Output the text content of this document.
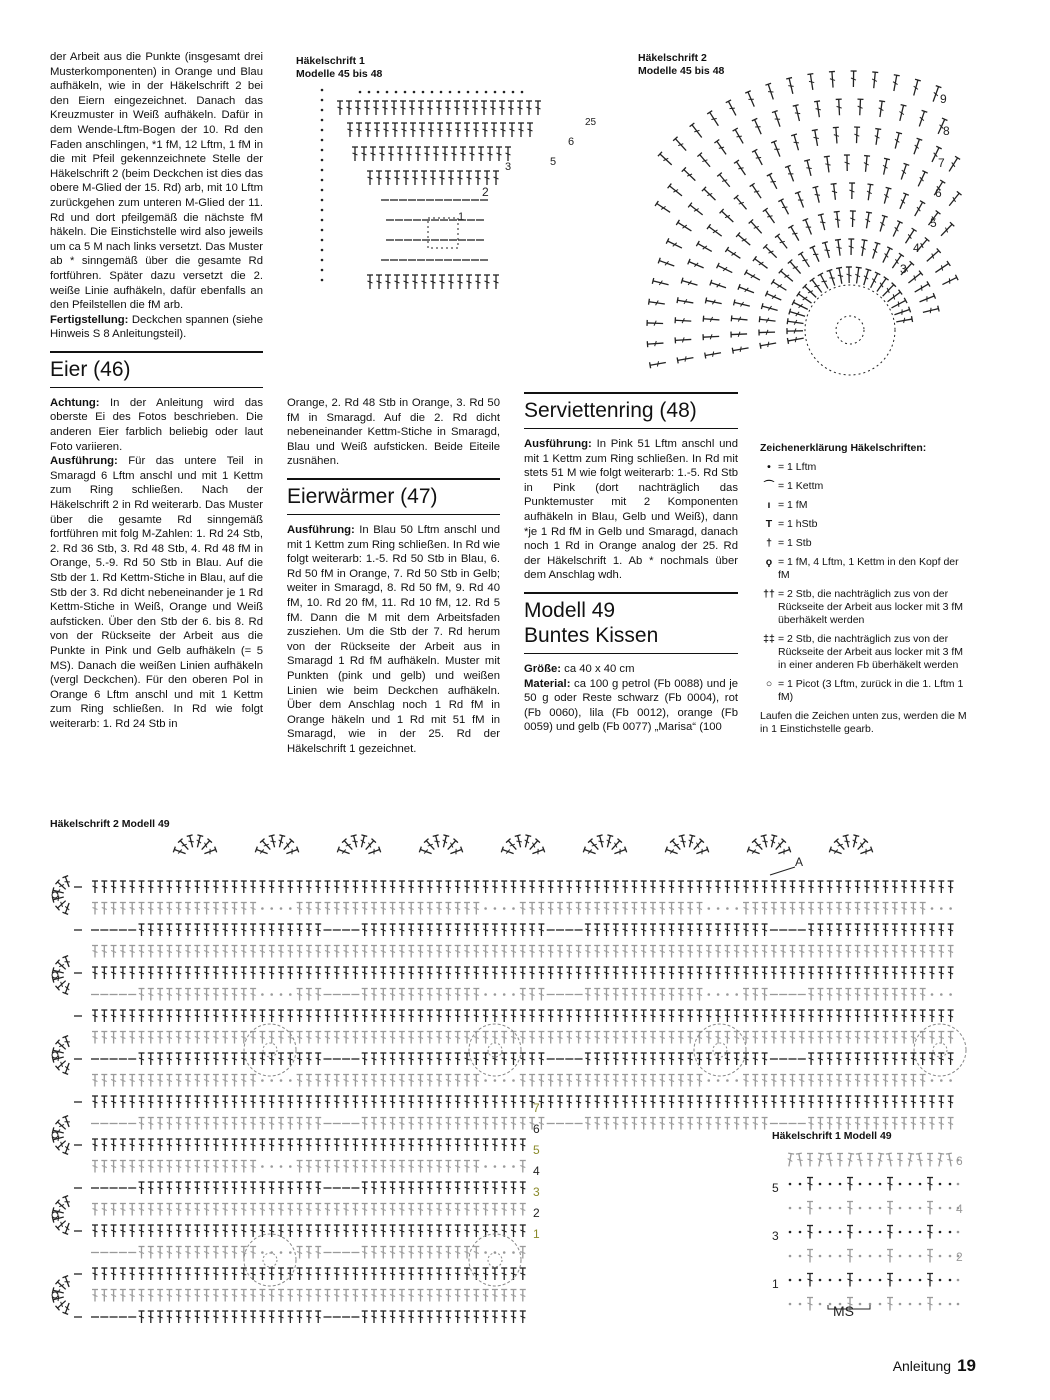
der Arbeit aus die Punkte (insgesamt drei Musterkomponenten) in Orange und Blau aufhäkeln, wie in der Häkelschrift 2 bei den Eiern eingezeichnet. Danach das Kreuzmuster in Weiß aufhäkeln. Dafür in dem Wende-Lftm-Bogen der 10. Rd den Faden anschlingen, *1 fM, 12 Lftm, 1 fM in die mit Pfeil gekennzeichnete Stelle der Häkelschrift 2 (beim Deckchen ist dies das obere M-Glied der 15. Rd) arb, mit 10 Lftm zurückgehen zum unteren M-Glied der 11. Rd und dort pfeilgemäß die nächste fM häkeln. Die Einstichstelle wird also jeweils um ca 5 M nach links versetzt. Das Muster ab * sinngemäß über die gesamte Rd fortführen. Später dazu versetzt die 2. weiße Linie aufhäkeln, dafür ebenfalls an den Pfeilstellen die fM arb.

Fertigstellung: Deckchen spannen (siehe Hinweis S 8 Anleitungsteil).

Eier (46)

Achtung: In der Anleitung wird das oberste Ei des Fotos beschrieben. Die anderen Eier farblich beliebig oder laut Foto variieren.

Ausführung: Für das untere Teil in Smaragd 6 Lftm anschl und mit 1 Kettm zum Ring schließen. Nach der Häkelschrift 2 in Rd weiterarb. Das Muster über die gesamte Rd sinngemäß fortführen mit folg M-Zahlen: 1. Rd 24 Stb, 2. Rd 36 Stb, 3. Rd 48 Stb, 4. Rd 48 fM in Orange, 5.-9. Rd 50 Stb in Blau. Auf die Stb der 1. Rd Kettm-Stiche in Blau, auf die Stb der 3. Rd dicht nebeneinander je 1 Rd Kettm-Stiche in Weiß, Orange und Weiß aufsticken. Über den Stb der 6. bis 8. Rd von der Rückseite der Arbeit aus die Punkte in Pink und Gelb aufhäkeln (= 5 MS). Danach die weißen Linien aufhäkeln (vergl Deckchen). Für den oberen Pol in Orange 6 Lftm anschl und mit 1 Kettm zum Ring schließen. In Rd wie folgt weiterarb: 1. Rd 24 Stb in

Orange, 2. Rd 48 Stb in Orange, 3. Rd 50 fM in Smaragd. Auf die 2. Rd dicht nebeneinander Kettm-Stiche in Smaragd, Blau und Weiß aufsticken. Beide Eiteile zusnähen.

Eierwärmer (47)

Ausführung: In Blau 50 Lftm anschl und mit 1 Kettm zum Ring schließen. In Rd wie folgt weiterarb: 1.-5. Rd 50 Stb in Blau, 6. Rd 50 fM in Orange, 7. Rd 50 Stb in Gelb; weiter in Smaragd, 8. Rd 50 fM, 9. Rd 40 fM, 10. Rd 20 fM, 11. Rd 10 fM, 12. Rd 5 fM. Dann die M mit dem Arbeitsfaden zusziehen. Um die Stb der 7. Rd herum von der Rückseite der Arbeit aus in Smaragd 1 Rd fM aufhäkeln. Muster mit Punkten (pink und gelb) und weißen Linien wie beim Deckchen aufhäkeln. Über dem Anschlag noch 1 Rd fM in Orange häkeln und 1 Rd mit 51 fM in Smaragd, wie in der 25. Rd der Häkelschrift 1 gezeichnet.

Serviettenring (48)

Ausführung: In Pink 51 Lftm anschl und mit 1 Kettm zum Ring schließen. In Rd mit stets 51 M wie folgt weiterarb: 1.-5. Rd Stb in Pink (dort nachträglich das Punktemuster mit 2 Komponenten aufhäkeln in Blau, Gelb und Weiß), dann *je 1 Rd fM in Gelb und Smaragd, danach noch 1 Rd in Orange analog der 25. Rd der Häkelschrift 1. Ab * nochmals über dem Anschlag wdh.

Modell 49
Buntes Kissen

Größe: ca 40 x 40 cm

Material: ca 100 g petrol (Fb 0088) und je 50 g oder Reste schwarz (Fb 0004), rot (Fb 0060), lila (Fb 0012), orange (Fb 0059) und gelb (Fb 0077) „Marisa“ (100

Zeichenerklärung Häkelschriften:
• = 1 Lftm
⌒ = 1 Kettm
ı = 1 fM
T = 1 hStb
† = 1 Stb
ϙ = 1 fM, 4 Lftm, 1 Kettm in den Kopf der fM
†† = 2 Stb, die nachträglich zus von der Rückseite der Arbeit aus locker mit 3 fM überhäkelt werden
‡‡ = 2 Stb, die nachträglich zus von der Rückseite der Arbeit aus locker mit 3 fM in einer anderen Fb überhäkelt werden
○ = 1 Picot (3 Lftm, zurück in die 1. Lftm 1 fM)
Laufen die Zeichen unten zus, werden die M in 1 Einstichstelle gearb.
Häkelschrift 1
Modelle 45 bis 48
Häkelschrift 2
Modelle 45 bis 48
Häkelschrift 2 Modell 49
Häkelschrift 1 Modell 49
1
2
3	5
6
25
3
4
5
6
7
8
9
A
7
6
5
4
3
2
1
MS
5
3
1
6
4
2
Anleitung 19
